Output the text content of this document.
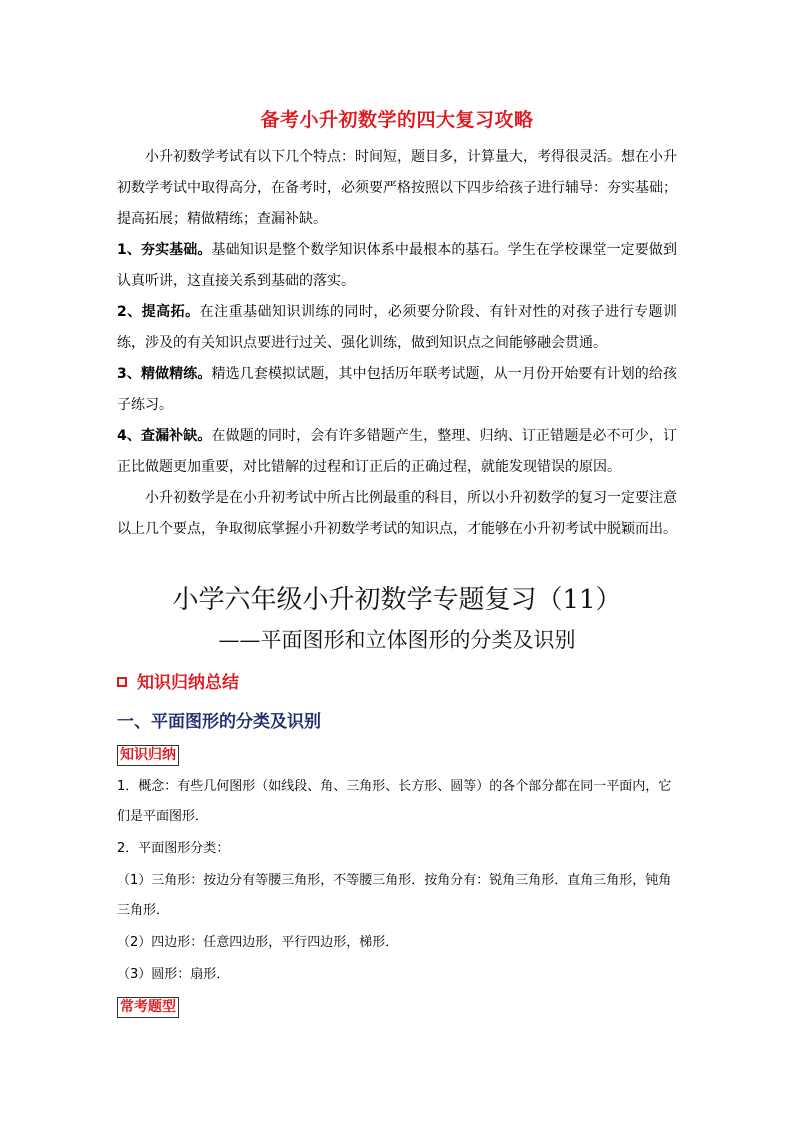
备考小升初数学的四大复习攻略
小升初数学考试有以下几个特点：时间短，题目多，计算量大，考得很灵活。想在小升初数学考试中取得高分，在备考时，必须要严格按照以下四步给孩子进行辅导：夯实基础；提高拓展；精做精练；查漏补缺。
1、夯实基础。基础知识是整个数学知识体系中最根本的基石。学生在学校课堂一定要做到认真听讲，这直接关系到基础的落实。
2、提高拓。在注重基础知识训练的同时，必须要分阶段、有针对性的对孩子进行专题训练，涉及的有关知识点要进行过关、强化训练，做到知识点之间能够融会贯通。
3、精做精练。精选几套模拟试题，其中包括历年联考试题，从一月份开始要有计划的给孩子练习。
4、查漏补缺。在做题的同时，会有许多错题产生，整理、归纳、订正错题是必不可少，订正比做题更加重要，对比错解的过程和订正后的正确过程，就能发现错误的原因。
小升初数学是在小升初考试中所占比例最重的科目，所以小升初数学的复习一定要注意以上几个要点，争取彻底掌握小升初数学考试的知识点，才能够在小升初考试中脱颖而出。
小学六年级小升初数学专题复习（11）
——平面图形和立体图形的分类及识别
知识归纳总结
一、平面图形的分类及识别
知识归纳
1．概念：有些几何图形（如线段、角、三角形、长方形、圆等）的各个部分都在同一平面内，它们是平面图形．
2．平面图形分类：
（1）三角形：按边分有等腰三角形，不等腰三角形．按角分有：锐角三角形．直角三角形，钝角三角形．
（2）四边形：任意四边形，平行四边形，梯形．
（3）圆形：扇形．
常考题型
